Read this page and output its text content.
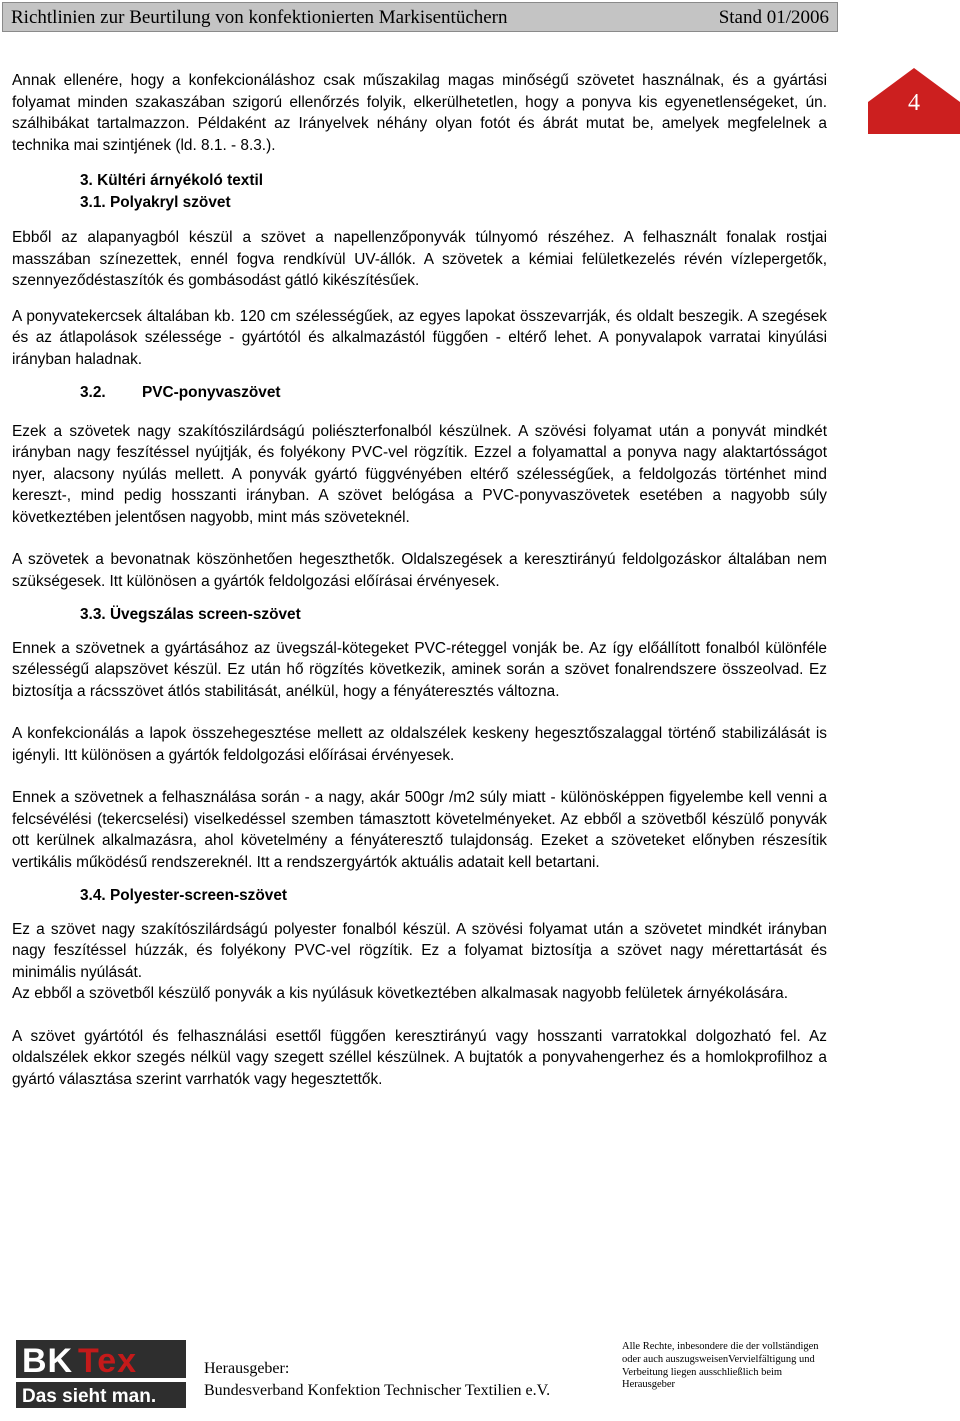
Richtlinien zur Beurtilung von konfektionierten Markisentüchern	Stand 01/2006
4

Annak ellenére, hogy a konfekcionáláshoz csak műszakilag magas minőségű szövetet használnak, és a gyártási folyamat minden szakaszában szigorú ellenőrzés folyik, elkerülhetetlen, hogy a ponyva kis egyenetlenségeket, ún. szálhibákat tartalmazzon. Példaként az Irányelvek néhány olyan fotót és ábrát mutat be, amelyek megfelelnek a technika mai szintjének (ld. 8.1. - 8.3.).

3. Kültéri árnyékoló textil
3.1. Polyakryl szövet

Ebből az alapanyagból készül a szövet a napellenzőponyvák túlnyomó részéhez. A felhasznált fonalak rostjai masszában színezettek, ennél fogva rendkívül UV-állók. A szövetek a kémiai felületkezelés révén vízlepergetők, szennyeződéstaszítók és gombásodást gátló kikészítésűek.

A ponyvatekercsek általában kb. 120 cm szélességűek, az egyes lapokat összevarrják, és oldalt beszegik. A szegések és az átlapolások szélessége - gyártótól és alkalmazástól függően - eltérő lehet. A ponyvalapok varratai kinyúlási irányban haladnak.

3.2. PVC-ponyvaszövet

Ezek a szövetek nagy szakítószilárdságú poliészterfonalból készülnek. A szövési folyamat után a ponyvát mindkét irányban nagy feszítéssel nyújtják, és folyékony PVC-vel rögzítik. Ezzel a folyamattal a ponyva nagy alaktartósságot nyer, alacsony nyúlás mellett. A ponyvák gyártó függvényében eltérő szélességűek, a feldolgozás történhet mind kereszt-, mind pedig hosszanti irányban. A szövet belógása a PVC-ponyvaszövetek esetében a nagyobb súly következtében jelentősen nagyobb, mint más szöveteknél.

A szövetek a bevonatnak köszönhetően hegeszthetők. Oldalszegések a keresztirányú feldolgozáskor általában nem szükségesek. Itt különösen a gyártók feldolgozási előírásai érvényesek.

3.3. Üvegszálas screen-szövet

Ennek a szövetnek a gyártásához az üvegszál-kötegeket PVC-réteggel vonják be. Az így előállított fonalból különféle szélességű alapszövet készül. Ez után hő rögzítés következik, aminek során a szövet fonalrendszere összeolvad. Ez biztosítja a rácsszövet átlós stabilitását, anélkül, hogy a fényáteresztés változna.

A konfekcionálás a lapok összehegesztése mellett az oldalszélek keskeny hegesztőszalaggal történő stabilizálását is igényli. Itt különösen a gyártók feldolgozási előírásai érvényesek.

Ennek a szövetnek a felhasználása során - a nagy, akár 500gr /m2 súly miatt - különösképpen figyelembe kell venni a felcsévélési (tekercselési) viselkedéssel szemben támasztott követelményeket. Az ebből a szövetből készülő ponyvák ott kerülnek alkalmazásra, ahol követelmény a fényáteresztő tulajdonság. Ezeket a szöveteket előnyben részesítik vertikális működésű rendszereknél. Itt a rendszergyártók aktuális adatait kell betartani.

3.4. Polyester-screen-szövet

Ez a szövet nagy szakítószilárdságú polyester fonalból készül. A szövési folyamat után a szövetet mindkét irányban nagy feszítéssel húzzák, és folyékony PVC-vel rögzítik. Ez a folyamat biztosítja a szövet nagy mérettartását és minimális nyúlását.

Az ebből a szövetből készülő ponyvák a kis nyúlásuk következtében alkalmasak nagyobb felületek árnyékolására.

A szövet gyártótól és felhasználási esettől függően keresztirányú vagy hosszanti varratokkal dolgozható fel. Az oldalszélek ekkor szegés nélkül vagy szegett széllel készülnek. A bujtatók a ponyvahengerhez és a homlokprofilhoz a gyártó választása szerint varrhatók vagy hegesztettők.

BK Tex
Das sieht man.
Herausgeber:
Bundesverband Konfektion Technischer Textilien e.V.
Alle Rechte, inbesondere die der vollständigen oder auch auszugsweisenVervielfältigung und Verbeitung liegen ausschließlich beim Herausgeber
